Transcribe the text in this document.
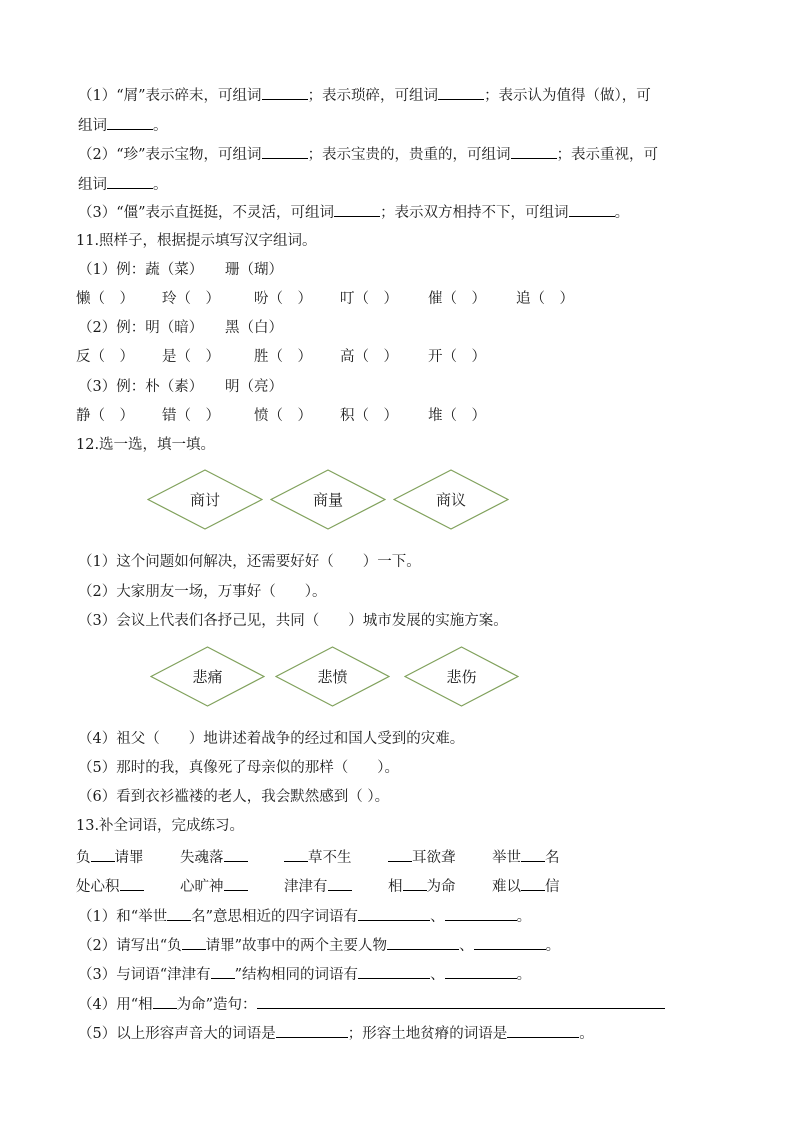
（1）“屑”表示碎末，可组词	；表示琐碎，可组词	；表示认为值得（做），可
组词	。
（2）“珍”表示宝物，可组词	；表示宝贵的，贵重的，可组词	；表示重视，可
组词	。
（3）“僵”表示直挺挺，不灵活，可组词	；表示双方相持不下，可组词	。
11.照样子，根据提示填写汉字组词。
（1）例：蔬（菜）　　珊（瑚）
懒（　） 玲（　） 吩（　） 叮（　） 催（　） 追（　）
（2）例：明（暗）　　黑（白）
反（　） 是（　） 胜（　） 高（　） 开（　）
（3）例：朴（素）　　明（亮）
静（　） 错（　） 愤（　） 积（　） 堆（　）
12.选一选，填一填。
商讨	商量	商议
（1）这个问题如何解决，还需要好好（　　）一下。
（2）大家朋友一场，万事好（　　）。
（3）会议上代表们各抒己见，共同（　　）城市发展的实施方案。
悲痛	悲愤	悲伤
（4）祖父（　　）地讲述着战争的经过和国人受到的灾难。
（5）那时的我，真像死了母亲似的那样（　　）。
（6）看到衣衫褴褛的老人，我会默然感到（ ）。
13.补全词语，完成练习。
负 请罪	失魂落	草不生	耳欲聋	举世 名
处心积	心旷神	津津有	相 为命	难以 信
（1）和“举世 名”意思相近的四字词语有	、	。
（2）请写出“负 请罪”故事中的两个主要人物	、	。
（3）与词语“津津有 ”结构相同的词语有	、	。
（4）用“相 为命”造句：
（5）以上形容声音大的词语是	；形容土地贫瘠的词语是	。
